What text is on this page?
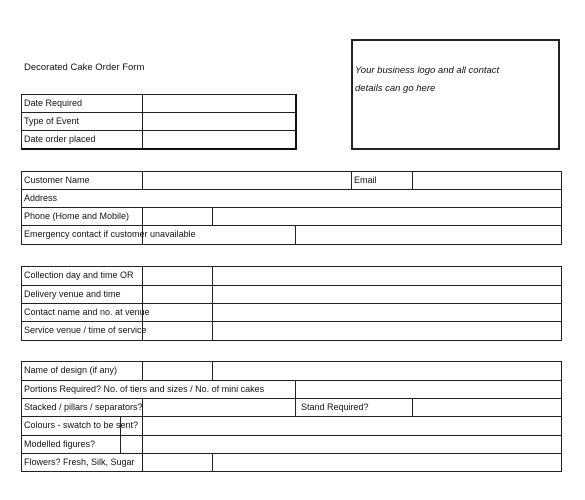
Decorated Cake Order Form	Your business logo and all contact
details can go here
Date Required
Type of Event
Date order placed
Customer Name	Email
Address
Phone (Home and Mobile)
Emergency contact if customer unavailable
Collection day and time OR
Delivery venue and time
Contact name and no. at venue
Service venue / time of service
Name of design (if any)
Portions Required? No. of tiers and sizes / No. of mini cakes
Stacked / pillars / separators?	Stand Required?
Colours - swatch to be sent?
Modelled figures?
Flowers? Fresh, Silk, Sugar
